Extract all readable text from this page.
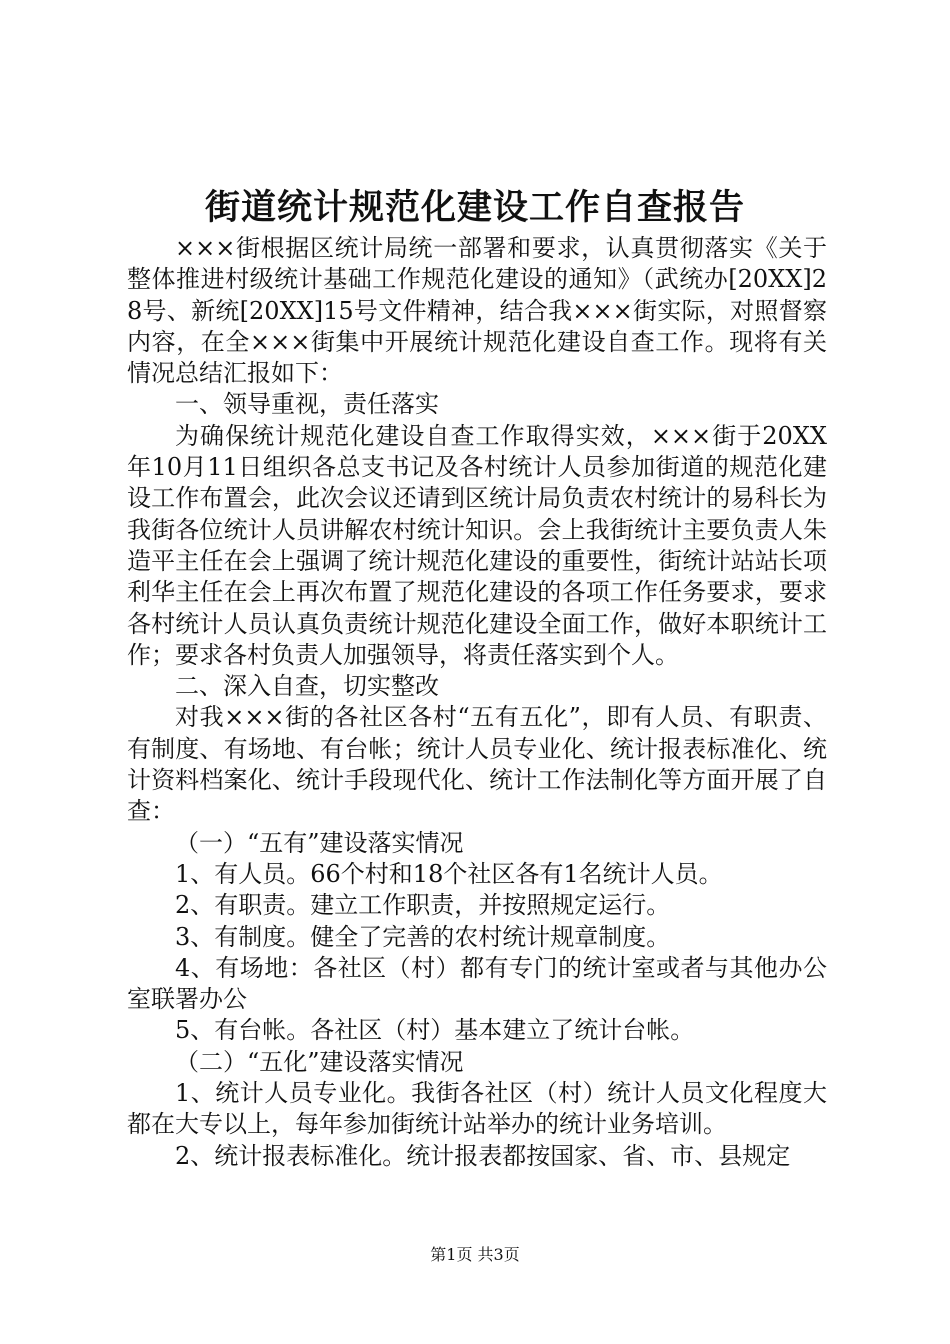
街道统计规范化建设工作自查报告

×××街根据区统计局统一部署和要求，认真贯彻落实《关于整体推进村级统计基础工作规范化建设的通知》（武统办[20XX]28号、新统[20XX]15号文件精神，结合我×××街实际，对照督察内容，在全×××街集中开展统计规范化建设自查工作。现将有关情况总结汇报如下：

一、领导重视，责任落实

为确保统计规范化建设自查工作取得实效，×××街于20XX年10月11日组织各总支书记及各村统计人员参加街道的规范化建设工作布置会，此次会议还请到区统计局负责农村统计的易科长为我街各位统计人员讲解农村统计知识。会上我街统计主要负责人朱造平主任在会上强调了统计规范化建设的重要性，街统计站站长项利华主任在会上再次布置了规范化建设的各项工作任务要求，要求各村统计人员认真负责统计规范化建设全面工作，做好本职统计工作；要求各村负责人加强领导，将责任落实到个人。

二、深入自查，切实整改

对我×××街的各社区各村“五有五化”，即有人员、有职责、有制度、有场地、有台帐；统计人员专业化、统计报表标准化、统计资料档案化、统计手段现代化、统计工作法制化等方面开展了自查：

（一）“五有”建设落实情况

1、有人员。66个村和18个社区各有1名统计人员。

2、有职责。建立工作职责，并按照规定运行。

3、有制度。健全了完善的农村统计规章制度。

4、有场地：各社区（村）都有专门的统计室或者与其他办公室联署办公

5、有台帐。各社区（村）基本建立了统计台帐。

（二）“五化”建设落实情况

1、统计人员专业化。我街各社区（村）统计人员文化程度大都在大专以上，每年参加街统计站举办的统计业务培训。

2、统计报表标准化。统计报表都按国家、省、市、县规定

第1页 共3页
